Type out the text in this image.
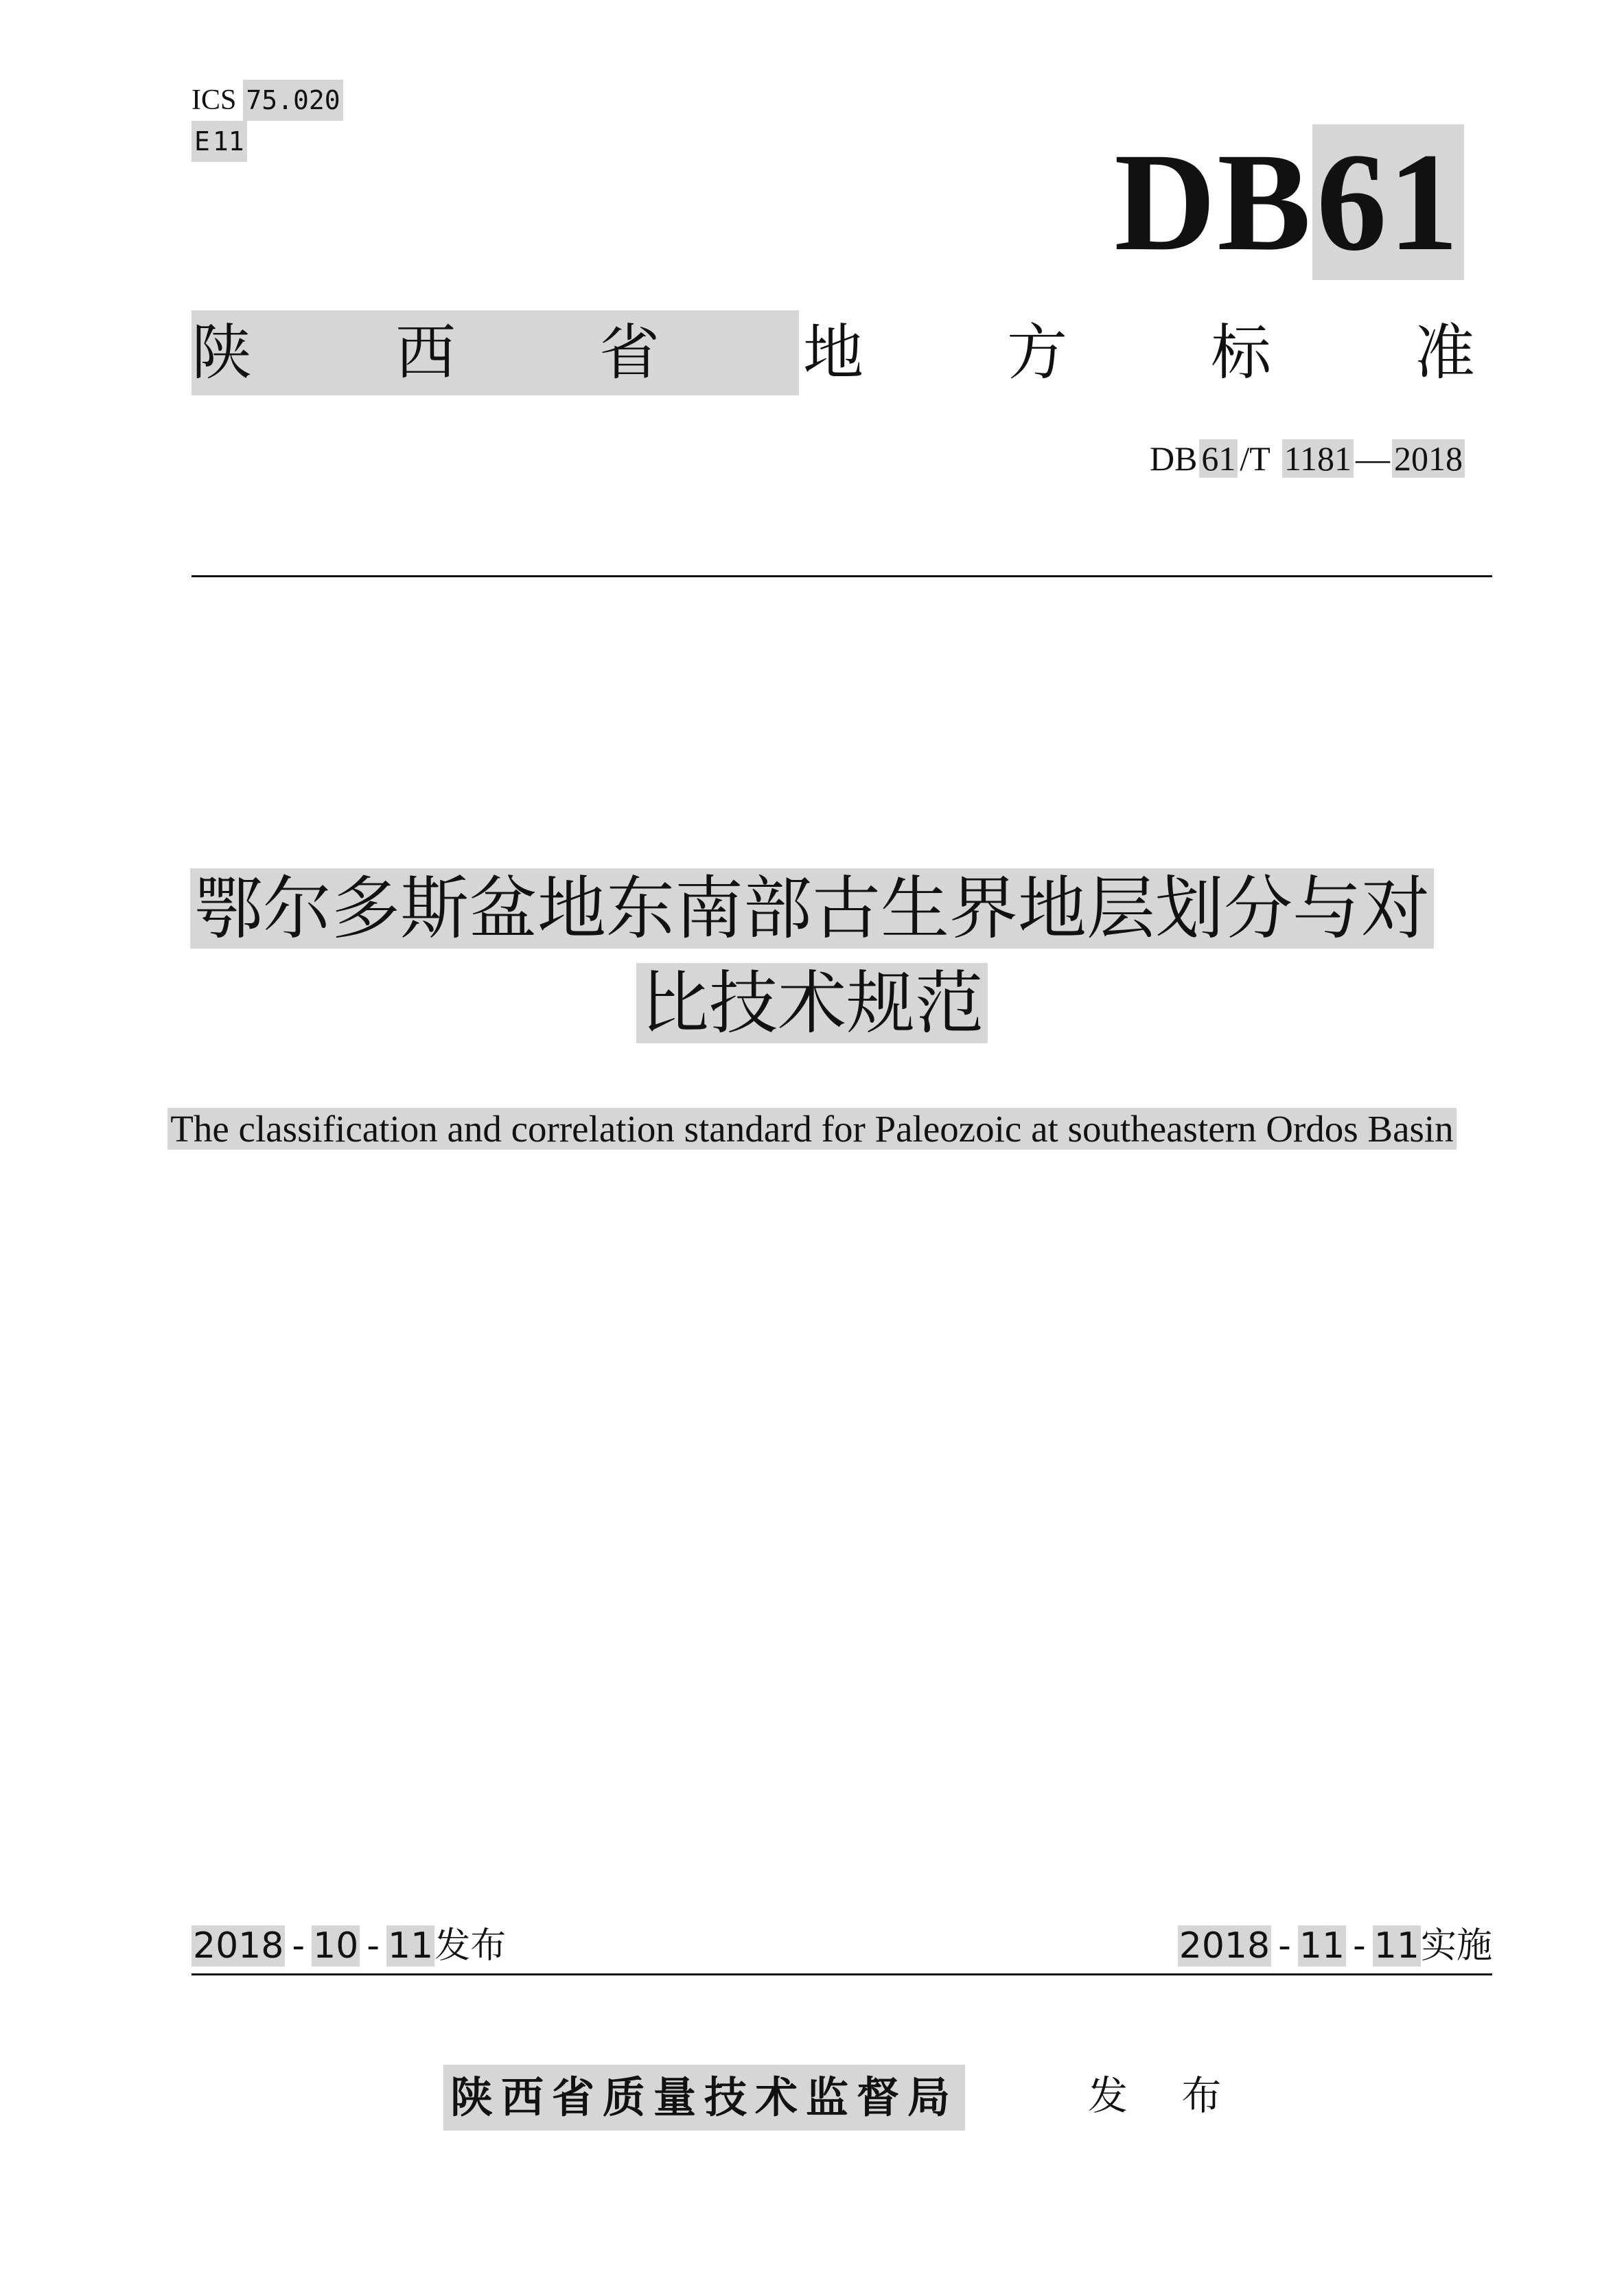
ICS 75.020
E 11	DB61
陕 西 省 地 方 标 准
DB 61 /T 1181 — 2018
鄂尔多斯盆地东南部古生界地层划分与对
比技术规范
The classification and correlation standard for Paleozoic at southeastern Ordos Basin
2018 - 10 - 11发布	2018 - 11 - 11实施
陕西省质量技术监督局	发 布
